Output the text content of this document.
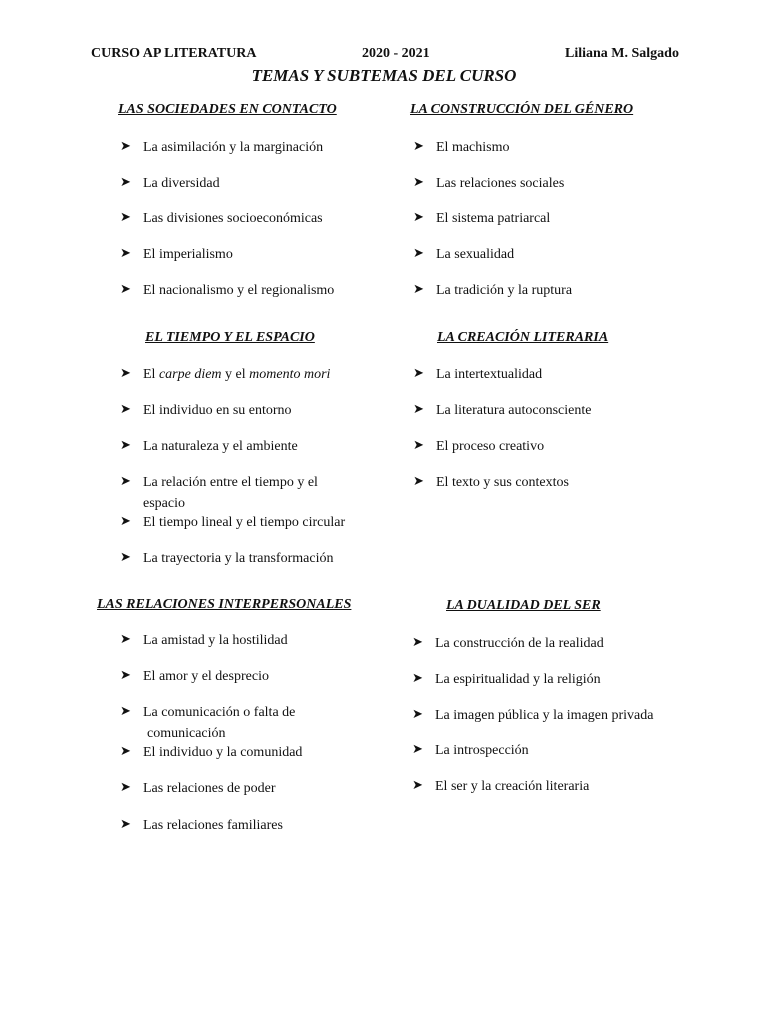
CURSO AP LITERATURA	2020 - 2021	Liliana M. Salgado
TEMAS Y SUBTEMAS DEL CURSO
LAS SOCIEDADES EN CONTACTO
➤ La asimilación y la marginación
➤ La diversidad
➤ Las divisiones socioeconómicas
➤ El imperialismo
➤ El nacionalismo y el regionalismo
LA CONSTRUCCIÓN DEL GÉNERO
➤ El machismo
➤ Las relaciones sociales
➤ El sistema patriarcal
➤ La sexualidad
➤ La tradición y la ruptura
EL TIEMPO Y EL ESPACIO
➤ El carpe diem y el momento mori
➤ El individuo en su entorno
➤ La naturaleza y el ambiente
➤ La relación entre el tiempo y el
espacio
➤ El tiempo lineal y el tiempo circular
➤ La trayectoria y la transformación
LA CREACIÓN LITERARIA
➤ La intertextualidad
➤ La literatura autoconsciente
➤ El proceso creativo
➤ El texto y sus contextos
LAS RELACIONES INTERPERSONALES
➤ La amistad y la hostilidad
➤ El amor y el desprecio
➤ La comunicación o falta de
comunicación
➤ El individuo y la comunidad
➤ Las relaciones de poder
➤ Las relaciones familiares
LA DUALIDAD DEL SER
➤ La construcción de la realidad
➤ La espiritualidad y la religión
➤ La imagen pública y la imagen privada
➤ La introspección
➤ El ser y la creación literaria
